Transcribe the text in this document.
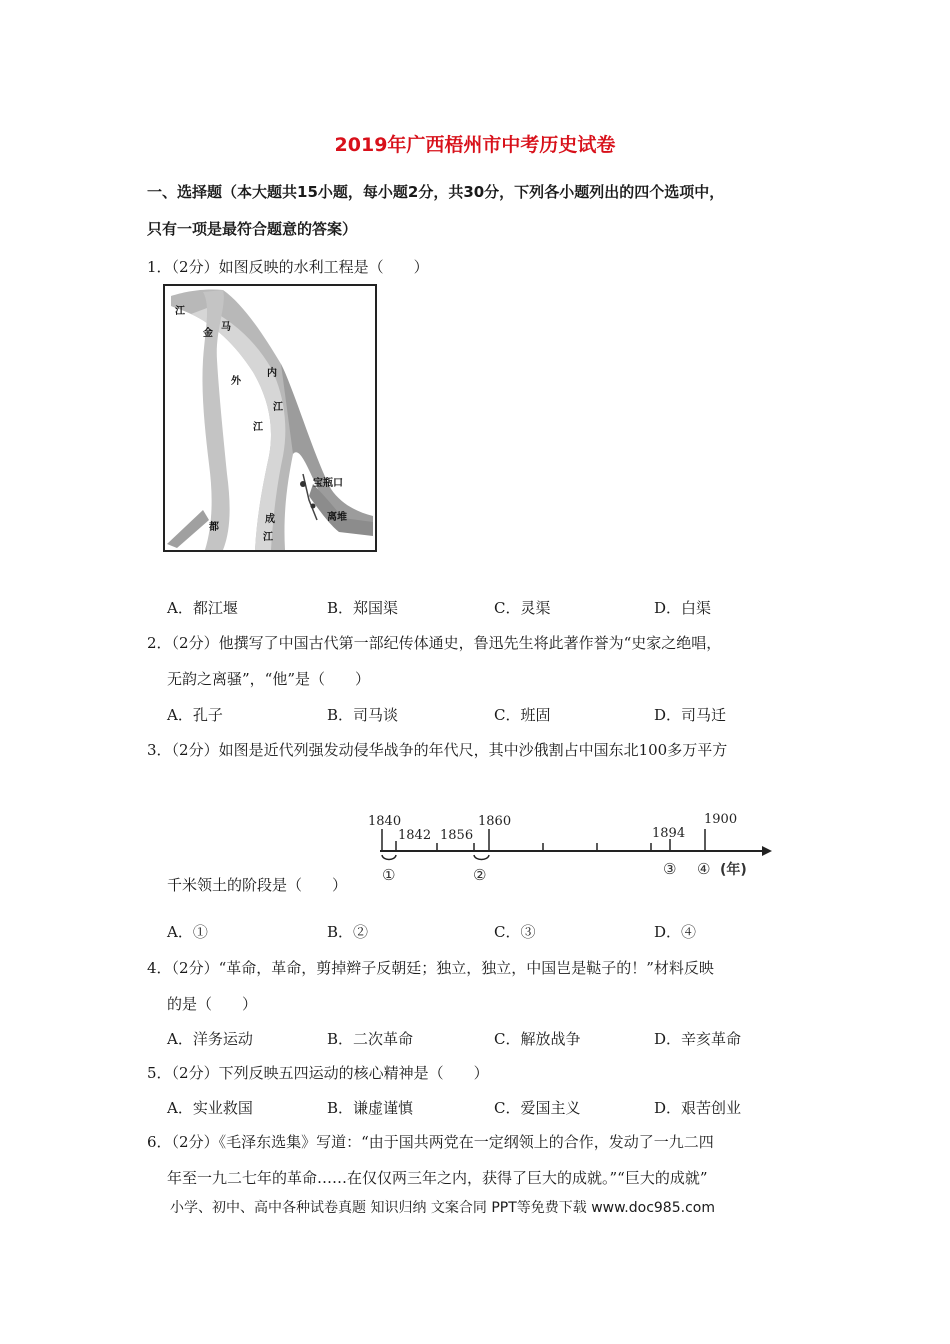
2019年广西梧州市中考历史试卷
一、选择题（本大题共15小题，每小题2分，共30分，下列各小题列出的四个选项中，
只有一项是最符合题意的答案）
1．（2分）如图反映的水利工程是（　　）
江
金
马
内
外
江
江
江
成
都
宝瓶口
离堆
A．都江堰	B．郑国渠	C．灵渠	D．白渠
2．（2分）他撰写了中国古代第一部纪传体通史，鲁迅先生将此著作誉为“史家之绝唱，
无韵之离骚”，“他”是（　　）
A．孔子	B．司马谈	C．班固	D．司马迁
3．（2分）如图是近代列强发动侵华战争的年代尺，其中沙俄割占中国东北100多万平方
1840
1842 1856
1860
1894
1900
①	②	③ ④ (年)
千米领土的阶段是（　　）
A．①	B．②	C．③	D．④
4．（2分）“革命，革命，剪掉辫子反朝廷；独立，独立，中国岂是鞑子的！”材料反映
的是（　　）
A．洋务运动	B．二次革命	C．解放战争	D．辛亥革命
5．（2分）下列反映五四运动的核心精神是（　　）
A．实业救国	B．谦虚谨慎	C．爱国主义	D．艰苦创业
6．（2分）《毛泽东选集》写道：“由于国共两党在一定纲领上的合作，发动了一九二四
年至一九二七年的革命……在仅仅两三年之内，获得了巨大的成就。”“巨大的成就”
小学、初中、高中各种试卷真题 知识归纳 文案合同 PPT等免费下载 www.doc985.com
